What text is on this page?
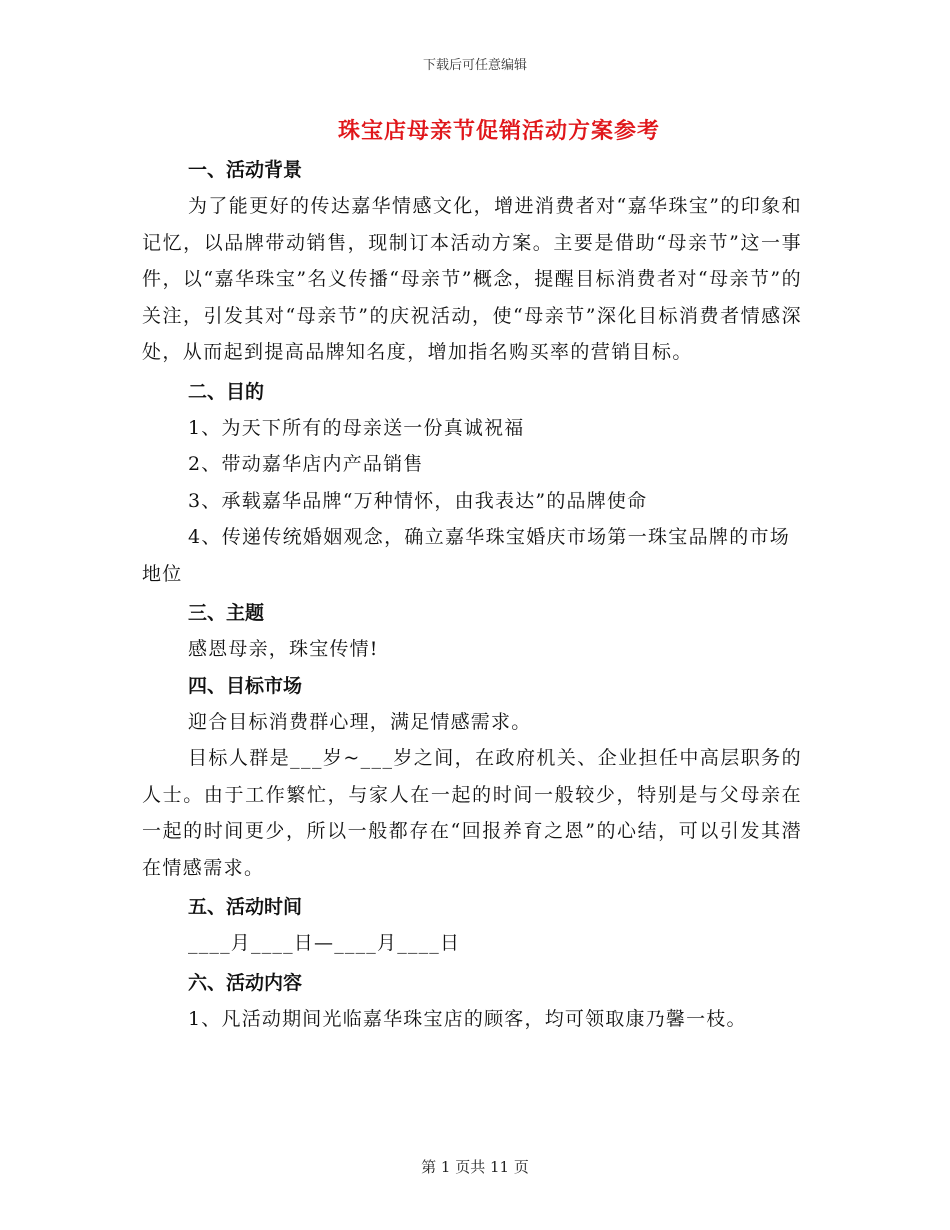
下载后可任意编辑
珠宝店母亲节促销活动方案参考
一、活动背景
为了能更好的传达嘉华情感文化，增进消费者对“嘉华珠宝”的印象和记忆，以品牌带动销售，现制订本活动方案。主要是借助“母亲节”这一事件，以“嘉华珠宝”名义传播“母亲节”概念，提醒目标消费者对“母亲节”的关注，引发其对“母亲节”的庆祝活动，使“母亲节”深化目标消费者情感深处，从而起到提高品牌知名度，增加指名购买率的营销目标。
二、目的
1、为天下所有的母亲送一份真诚祝福
2、带动嘉华店内产品销售
3、承载嘉华品牌“万种情怀，由我表达”的品牌使命
4、传递传统婚姻观念，确立嘉华珠宝婚庆市场第一珠宝品牌的市场地位
三、主题
感恩母亲，珠宝传情!
四、目标市场
迎合目标消费群心理，满足情感需求。
目标人群是___岁~___岁之间，在政府机关、企业担任中高层职务的人士。由于工作繁忙，与家人在一起的时间一般较少，特别是与父母亲在一起的时间更少，所以一般都存在“回报养育之恩”的心结，可以引发其潜在情感需求。
五、活动时间
____月____日—____月____日
六、活动内容
1、凡活动期间光临嘉华珠宝店的顾客，均可领取康乃馨一枝。
第 1 页共 11 页
